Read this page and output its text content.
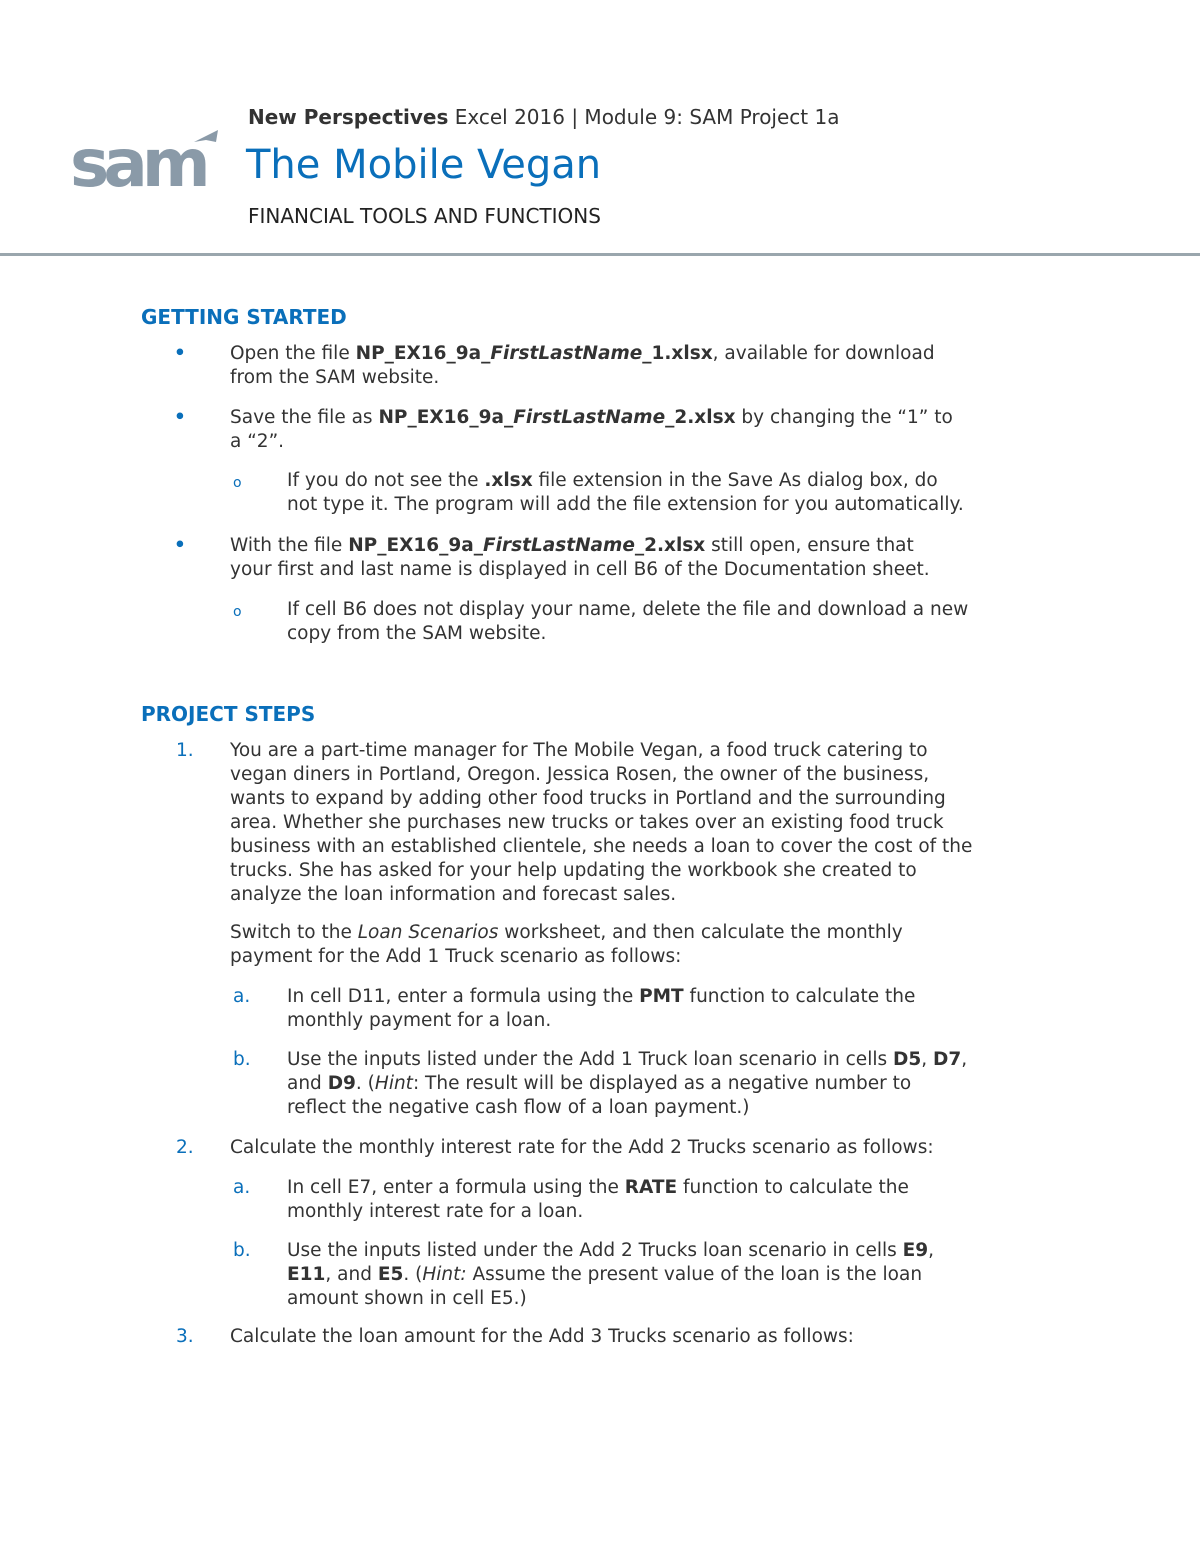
sam
New Perspectives Excel 2016 | Module 9: SAM Project 1a
The Mobile Vegan
FINANCIAL TOOLS AND FUNCTIONS
GETTING STARTED
• Open the file NP_EX16_9a_FirstLastName_1.xlsx, available for download
from the SAM website.
• Save the file as NP_EX16_9a_FirstLastName_2.xlsx by changing the “1” to
a “2”.
o If you do not see the .xlsx file extension in the Save As dialog box, do
not type it. The program will add the file extension for you automatically.
• With the file NP_EX16_9a_FirstLastName_2.xlsx still open, ensure that
your first and last name is displayed in cell B6 of the Documentation sheet.
o If cell B6 does not display your name, delete the file and download a new
copy from the SAM website.
PROJECT STEPS
1. You are a part-time manager for The Mobile Vegan, a food truck catering to
vegan diners in Portland, Oregon. Jessica Rosen, the owner of the business,
wants to expand by adding other food trucks in Portland and the surrounding
area. Whether she purchases new trucks or takes over an existing food truck
business with an established clientele, she needs a loan to cover the cost of the
trucks. She has asked for your help updating the workbook she created to
analyze the loan information and forecast sales.
Switch to the Loan Scenarios worksheet, and then calculate the monthly
payment for the Add 1 Truck scenario as follows:
a. In cell D11, enter a formula using the PMT function to calculate the
monthly payment for a loan.
b. Use the inputs listed under the Add 1 Truck loan scenario in cells D5, D7,
and D9. (Hint: The result will be displayed as a negative number to
reflect the negative cash flow of a loan payment.)
2. Calculate the monthly interest rate for the Add 2 Trucks scenario as follows:
a. In cell E7, enter a formula using the RATE function to calculate the
monthly interest rate for a loan.
b. Use the inputs listed under the Add 2 Trucks loan scenario in cells E9,
E11, and E5. (Hint: Assume the present value of the loan is the loan
amount shown in cell E5.)
3. Calculate the loan amount for the Add 3 Trucks scenario as follows:
